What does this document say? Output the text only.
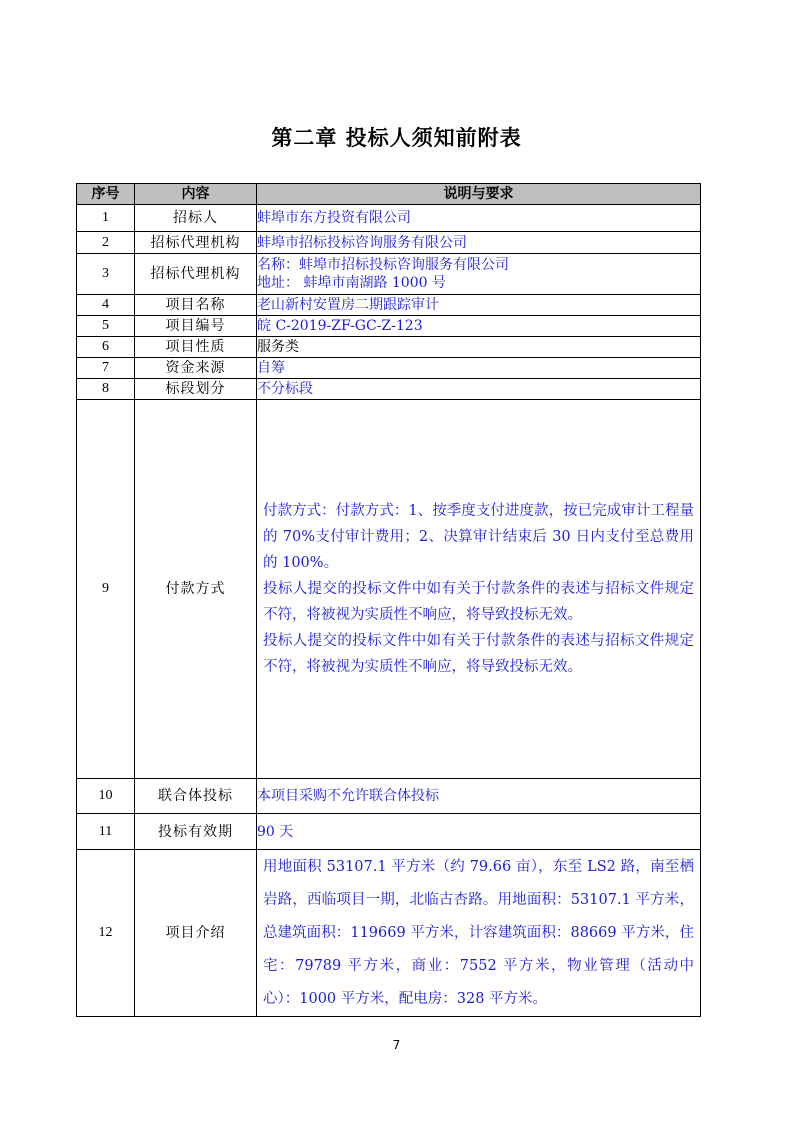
第二章 投标人须知前附表
序号	内容	说明与要求
1	招标人	蚌埠市东方投资有限公司
2	招标代理机构	蚌埠市招标投标咨询服务有限公司
3	招标代理机构	名称：蚌埠市招标投标咨询服务有限公司
地址： 蚌埠市南湖路 1000 号

4	项目名称	老山新村安置房二期跟踪审计
5	项目编号	皖 C-2019-ZF-GC-Z-123
6	项目性质	服务类
7	资金来源	自筹
8	标段划分	不分标段
9	付款方式	付款方式：付款方式：1、按季度支付进度款，按已完成审计工程量的 70%支付审计费用；2、决算审计结束后 30 日内支付至总费用的 100%。
投标人提交的投标文件中如有关于付款条件的表述与招标文件规定不符，将被视为实质性不响应，将导致投标无效。
投标人提交的投标文件中如有关于付款条件的表述与招标文件规定不符，将被视为实质性不响应，将导致投标无效。

10	联合体投标	本项目采购不允许联合体投标
11	投标有效期	90 天
12	项目介绍	用地面积 53107.1 平方米（约 79.66 亩），东至 LS2 路，南至栖岩路，西临项目一期，北临古杏路。用地面积：53107.1 平方米，总建筑面积：119669 平方米，计容建筑面积：88669 平方米，住宅：79789 平方米，商业：7552 平方米，物业管理（活动中心）：1000 平方米，配电房：328 平方米。
7
